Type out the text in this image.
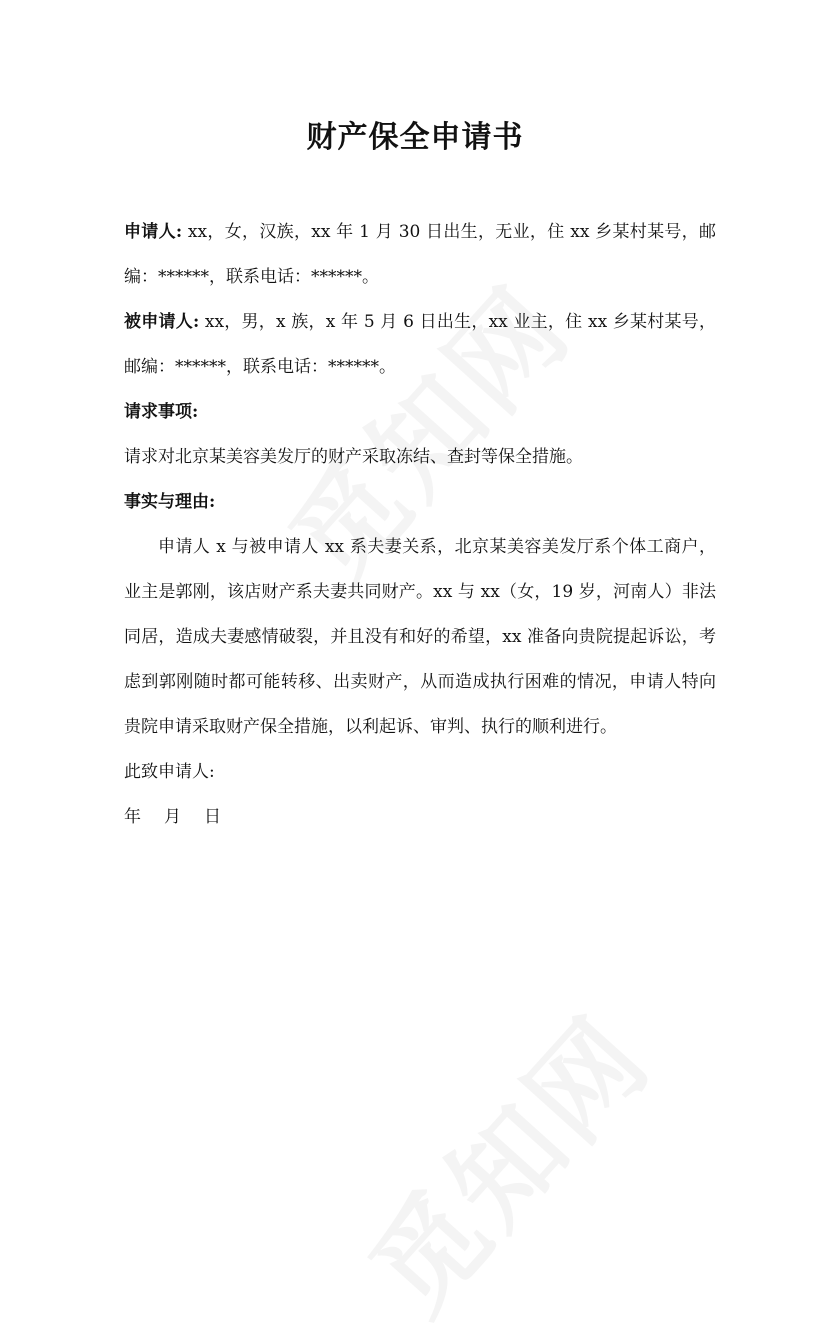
财产保全申请书

申请人: xx，女，汉族，xx 年 1 月 30 日出生，无业，住 xx 乡某村某号，邮编：******，联系电话：******。

被申请人: xx，男，x 族，x 年 5 月 6 日出生，xx 业主，住 xx 乡某村某号，邮编：******，联系电话：******。

请求事项:

请求对北京某美容美发厅的财产采取冻结、查封等保全措施。

事实与理由:

申请人 x 与被申请人 xx 系夫妻关系，北京某美容美发厅系个体工商户，业主是郭刚，该店财产系夫妻共同财产。xx 与 xx（女，19 岁，河南人）非法同居，造成夫妻感情破裂，并且没有和好的希望，xx 准备向贵院提起诉讼，考虑到郭刚随时都可能转移、出卖财产，从而造成执行困难的情况，申请人特向贵院申请采取财产保全措施，以利起诉、审判、执行的顺利进行。

此致申请人:

年 月 日
